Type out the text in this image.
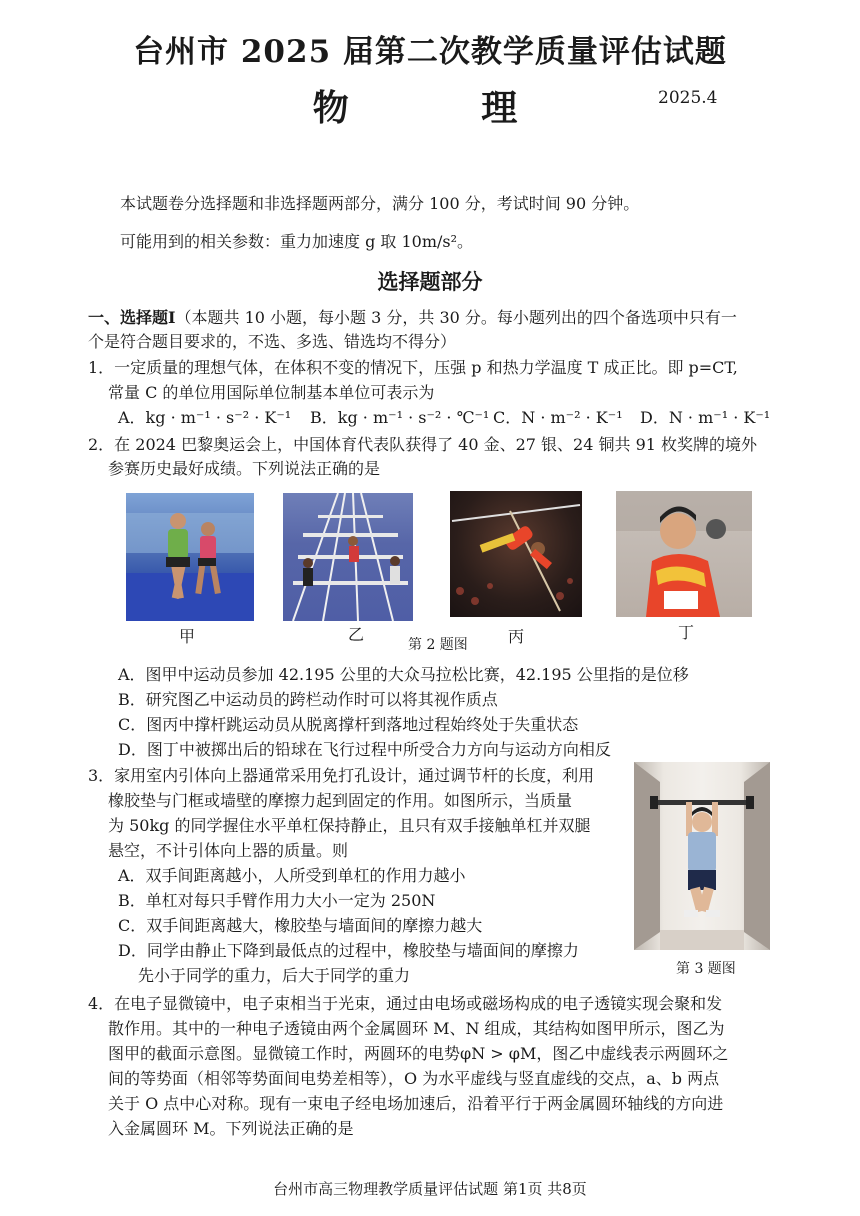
台州市 2025 届第二次教学质量评估试题
物 理	2025.4
本试题卷分选择题和非选择题两部分，满分 100 分，考试时间 90 分钟。
可能用到的相关参数：重力加速度 g 取 10m/s²。
选择题部分
一、选择题Ⅰ（本题共 10 小题，每小题 3 分，共 30 分。每小题列出的四个备选项中只有一
个是符合题目要求的，不选、多选、错选均不得分）
1．一定质量的理想气体，在体积不变的情况下，压强 p 和热力学温度 T 成正比。即 p=CT,
常量 C 的单位用国际单位制基本单位可表示为
A．kg · m⁻¹ · s⁻² · K⁻¹ B．kg · m⁻¹ · s⁻² · ℃⁻¹ C．N · m⁻² · K⁻¹ D．N · m⁻¹ · K⁻¹
2．在 2024 巴黎奥运会上，中国体育代表队获得了 40 金、27 银、24 铜共 91 枚奖牌的境外
参赛历史最好成绩。下列说法正确的是
甲	乙	丙	丁
第 2 题图
A．图甲中运动员参加 42.195 公里的大众马拉松比赛，42.195 公里指的是位移
B．研究图乙中运动员的跨栏动作时可以将其视作质点
C．图丙中撑杆跳运动员从脱离撑杆到落地过程始终处于失重状态
D．图丁中被掷出后的铅球在飞行过程中所受合力方向与运动方向相反
3．家用室内引体向上器通常采用免打孔设计，通过调节杆的长度，利用
橡胶垫与门框或墙壁的摩擦力起到固定的作用。如图所示，当质量
为 50kg 的同学握住水平单杠保持静止，且只有双手接触单杠并双腿
悬空，不计引体向上器的质量。则
A．双手间距离越小，人所受到单杠的作用力越小
B．单杠对每只手臂作用力大小一定为 250N
C．双手间距离越大，橡胶垫与墙面间的摩擦力越大
D．同学由静止下降到最低点的过程中，橡胶垫与墙面间的摩擦力
先小于同学的重力，后大于同学的重力	第 3 题图
4．在电子显微镜中，电子束相当于光束，通过由电场或磁场构成的电子透镜实现会聚和发
散作用。其中的一种电子透镜由两个金属圆环 M、N 组成，其结构如图甲所示，图乙为
图甲的截面示意图。显微镜工作时，两圆环的电势φN > φM，图乙中虚线表示两圆环之
间的等势面（相邻等势面间电势差相等），O 为水平虚线与竖直虚线的交点，a、b 两点
关于 O 点中心对称。现有一束电子经电场加速后，沿着平行于两金属圆环轴线的方向进
入金属圆环 M。下列说法正确的是
台州市高三物理教学质量评估试题 第1页 共8页
